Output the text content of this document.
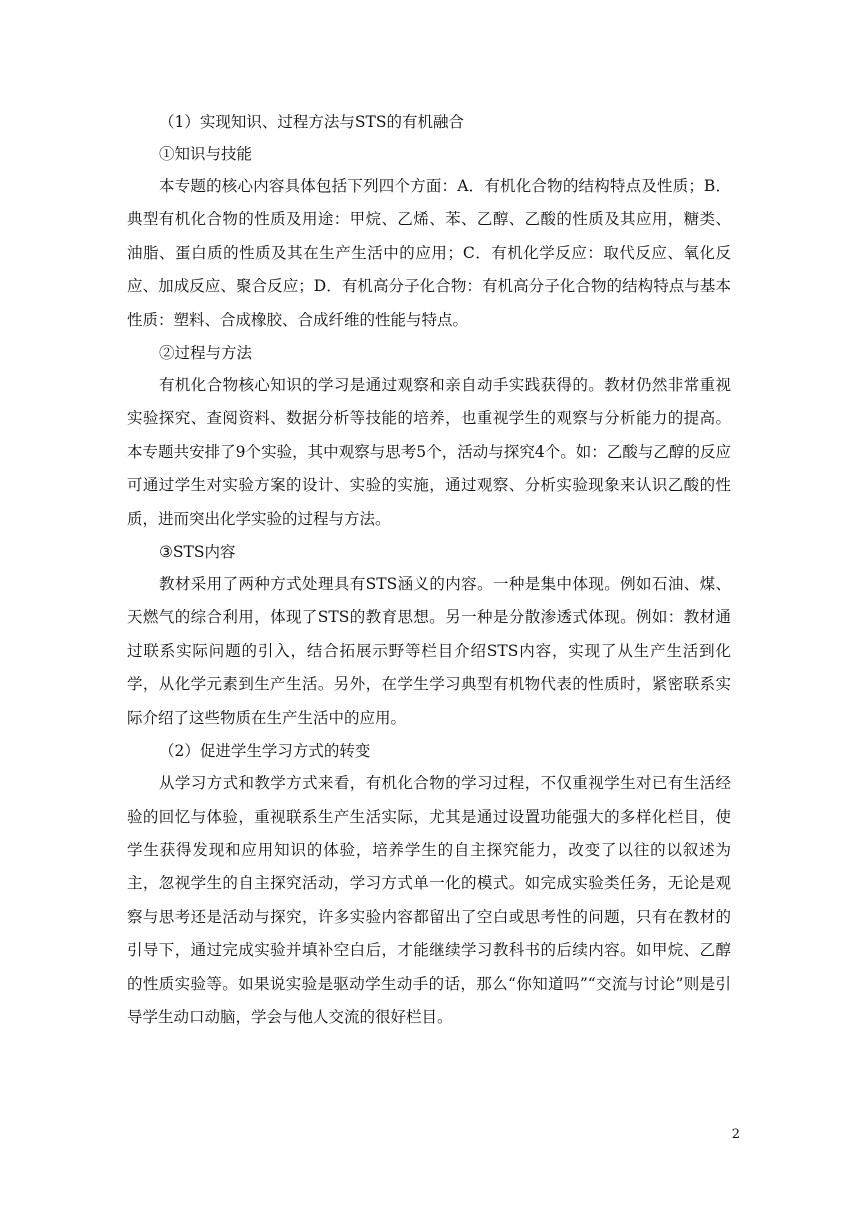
（1）实现知识、过程方法与STS的有机融合

①知识与技能

本专题的核心内容具体包括下列四个方面：A．有机化合物的结构特点及性质；B．典型有机化合物的性质及用途：甲烷、乙烯、苯、乙醇、乙酸的性质及其应用，糖类、油脂、蛋白质的性质及其在生产生活中的应用；C．有机化学反应：取代反应、氧化反应、加成反应、聚合反应；D．有机高分子化合物：有机高分子化合物的结构特点与基本性质：塑料、合成橡胶、合成纤维的性能与特点。

②过程与方法

有机化合物核心知识的学习是通过观察和亲自动手实践获得的。教材仍然非常重视实验探究、查阅资料、数据分析等技能的培养，也重视学生的观察与分析能力的提高。本专题共安排了9个实验，其中观察与思考5个，活动与探究4个。如：乙酸与乙醇的反应可通过学生对实验方案的设计、实验的实施，通过观察、分析实验现象来认识乙酸的性质，进而突出化学实验的过程与方法。

③STS内容

教材采用了两种方式处理具有STS涵义的内容。一种是集中体现。例如石油、煤、天燃气的综合利用，体现了STS的教育思想。另一种是分散渗透式体现。例如：教材通过联系实际问题的引入，结合拓展示野等栏目介绍STS内容，实现了从生产生活到化学，从化学元素到生产生活。另外，在学生学习典型有机物代表的性质时，紧密联系实际介绍了这些物质在生产生活中的应用。

（2）促进学生学习方式的转变

从学习方式和教学方式来看，有机化合物的学习过程，不仅重视学生对已有生活经验的回忆与体验，重视联系生产生活实际，尤其是通过设置功能强大的多样化栏目，使学生获得发现和应用知识的体验，培养学生的自主探究能力，改变了以往的以叙述为主，忽视学生的自主探究活动，学习方式单一化的模式。如完成实验类任务，无论是观察与思考还是活动与探究，许多实验内容都留出了空白或思考性的问题，只有在教材的引导下，通过完成实验并填补空白后，才能继续学习教科书的后续内容。如甲烷、乙醇的性质实验等。如果说实验是驱动学生动手的话，那么“你知道吗”“交流与讨论”则是引导学生动口动脑，学会与他人交流的很好栏目。

2
